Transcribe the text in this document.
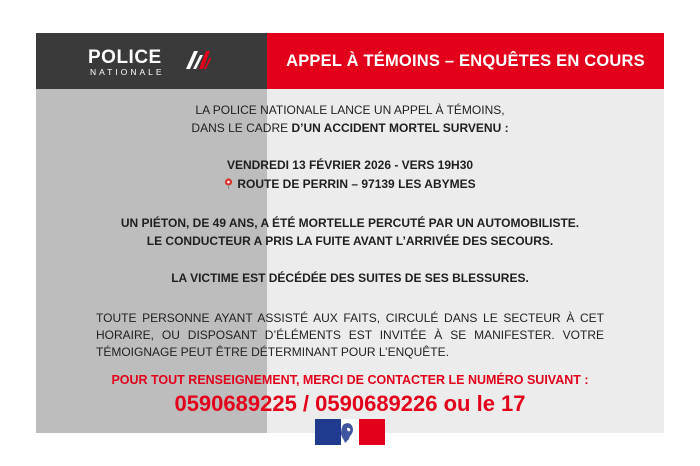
POLICE
NATIONALE
APPEL À TÉMOINS – ENQUÊTES EN COURS
LA POLICE NATIONALE LANCE UN APPEL À TÉMOINS,
DANS LE CADRE D’UN ACCIDENT MORTEL SURVENU :
VENDREDI 13 FÉVRIER 2026 - VERS 19H30
ROUTE DE PERRIN – 97139 LES ABYMES
UN PIÉTON, DE 49 ANS, A ÉTÉ MORTELLE PERCUTÉ PAR UN AUTOMOBILISTE.
LE CONDUCTEUR A PRIS LA FUITE AVANT L’ARRIVÉE DES SECOURS.
LA VICTIME EST DÉCÉDÉE DES SUITES DE SES BLESSURES.
TOUTE PERSONNE AYANT ASSISTÉ AUX FAITS, CIRCULÉ DANS LE SECTEUR À CET
HORAIRE, OU DISPOSANT D’ÉLÉMENTS EST INVITÉE À SE MANIFESTER. VOTRE
TÉMOIGNAGE PEUT ÊTRE DÉTERMINANT POUR L’ENQUÊTE.
POUR TOUT RENSEIGNEMENT, MERCI DE CONTACTER LE NUMÉRO SUIVANT :
0590689225 / 0590689226 ou le 17
